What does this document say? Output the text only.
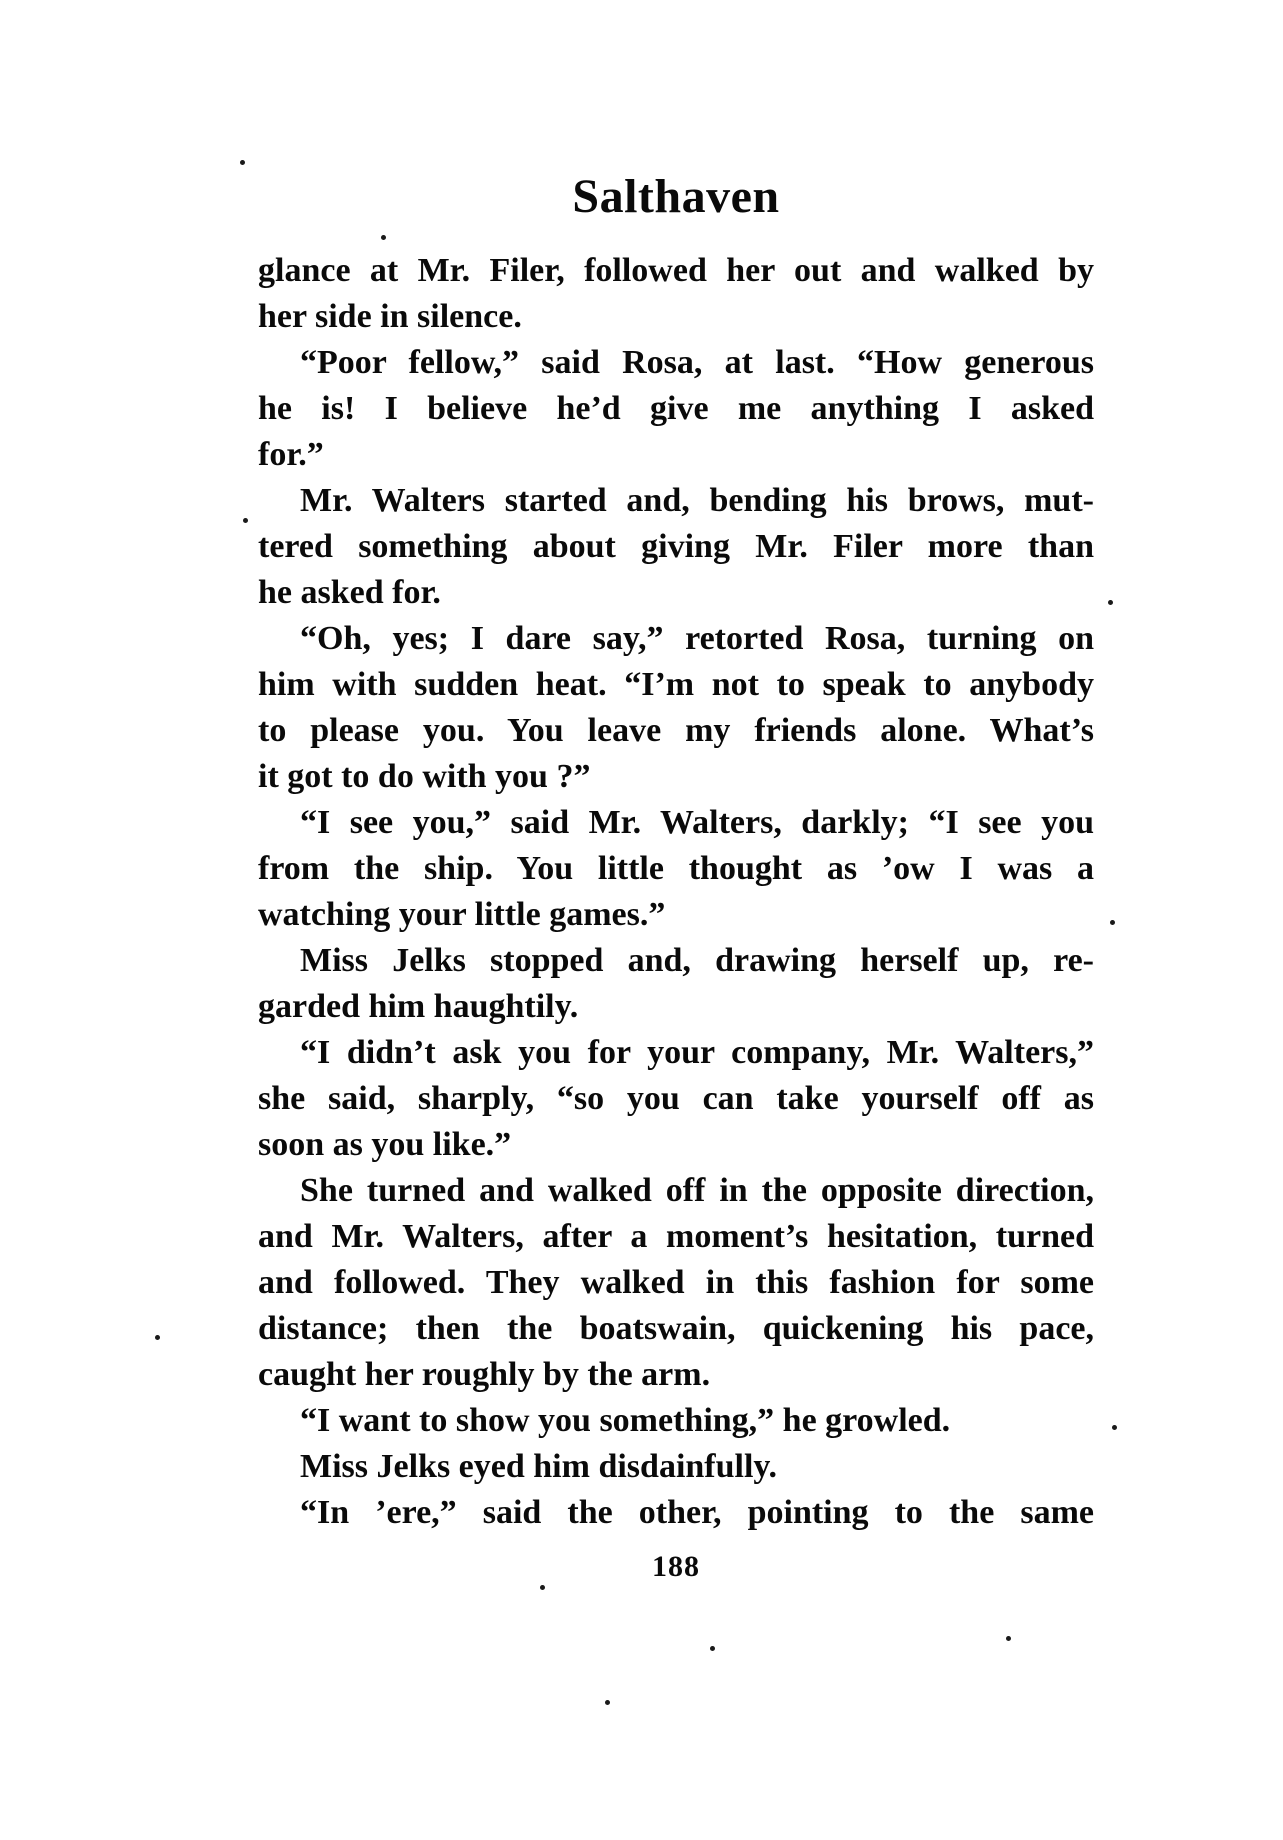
Salthaven
glance at Mr. Filer, followed her out and walked by
her side in silence.
“Poor fellow,” said Rosa, at last. “How generous
he is! I believe he’d give me anything I asked
for.”
Mr. Walters started and, bending his brows, mut-
tered something about giving Mr. Filer more than
he asked for.
“Oh, yes; I dare say,” retorted Rosa, turning on
him with sudden heat. “I’m not to speak to anybody
to please you. You leave my friends alone. What’s
it got to do with you ?”
“I see you,” said Mr. Walters, darkly; “I see you
from the ship. You little thought as ’ow I was a
watching your little games.”
Miss Jelks stopped and, drawing herself up, re-
garded him haughtily.
“I didn’t ask you for your company, Mr. Walters,”
she said, sharply, “so you can take yourself off as
soon as you like.”
She turned and walked off in the opposite direction,
and Mr. Walters, after a moment’s hesitation, turned
and followed. They walked in this fashion for some
distance; then the boatswain, quickening his pace,
caught her roughly by the arm.
“I want to show you something,” he growled.
Miss Jelks eyed him disdainfully.
“In ’ere,” said the other, pointing to the same
188
